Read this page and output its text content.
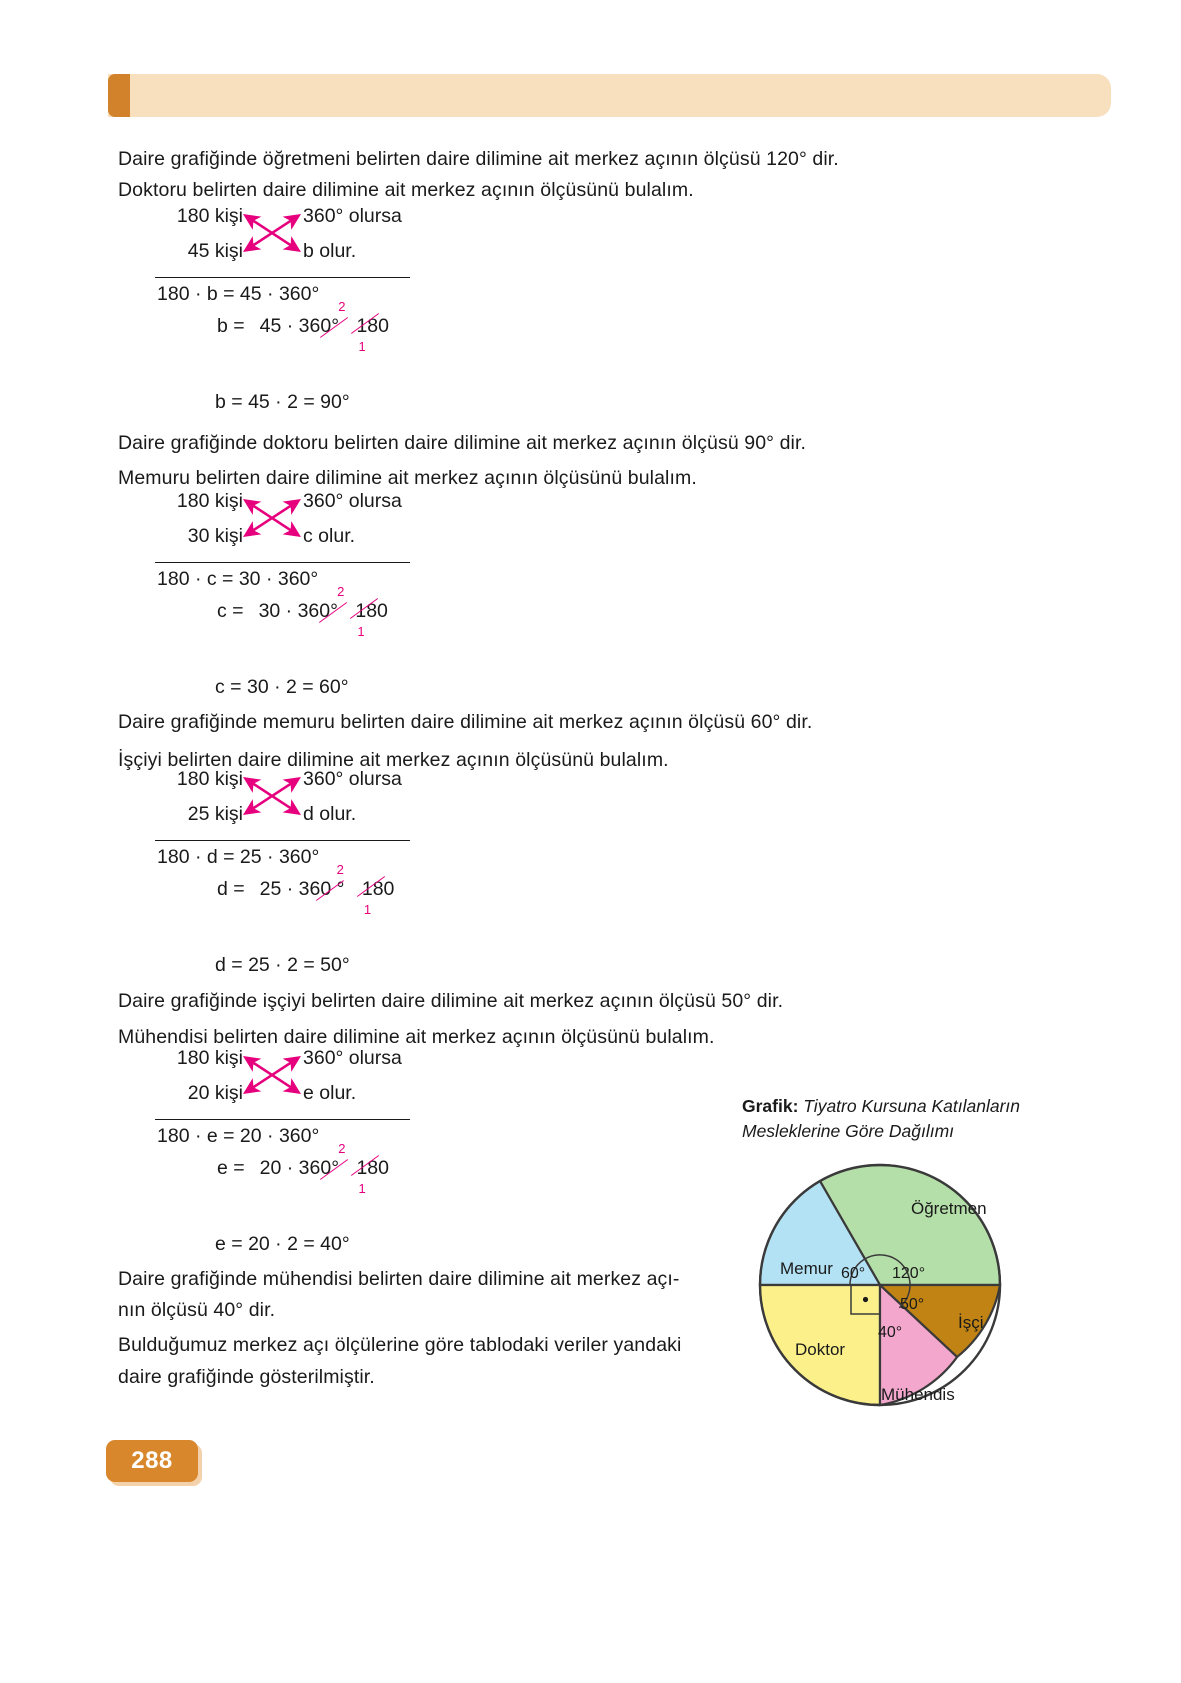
Daire grafiğinde öğretmeni belirten daire dilimine ait merkez açının ölçüsü 120° dir.
Doktoru belirten daire dilimine ait merkez açının ölçüsünü bulalım.
Daire grafiğinde doktoru belirten daire dilimine ait merkez açının ölçüsü 90° dir.
Memuru belirten daire dilimine ait merkez açının ölçüsünü bulalım.
Daire grafiğinde memuru belirten daire dilimine ait merkez açının ölçüsü 60° dir.
İşçiyi belirten daire dilimine ait merkez açının ölçüsünü bulalım.
Daire grafiğinde işçiyi belirten daire dilimine ait merkez açının ölçüsü 50° dir.
Mühendisi belirten daire dilimine ait merkez açının ölçüsünü bulalım.
Daire grafiğinde mühendisi belirten daire dilimine ait merkez açı-
nın ölçüsü 40° dir.
Bulduğumuz merkez açı ölçülerine göre tablodaki veriler yandaki
daire grafiğinde gösterilmiştir.
180 kişi
45 kişi
360° olursa
b olur.
180 · b = 45 · 360°
b = 45 · 360°
2
180
1
b = 45 · 2 = 90°
180 kişi
30 kişi
360° olursa
c olur.
180 · c = 30 · 360°
c = 30 · 360°
2
180
1
c = 30 · 2 = 60°
180 kişi
25 kişi
360° olursa
d olur.
180 · d = 25 · 360°
d = 25 · 360 °
2
180
1
d = 25 · 2 = 50°
180 kişi
20 kişi
360° olursa
e olur.
180 · e = 20 · 360°
e = 20 · 360°
2
180
1
e = 20 · 2 = 40°
Grafik: Tiyatro Kursuna Katılanların Mesleklerine Göre Dağılımı
Öğretmen
Memur
Doktor
Mühendis
İşçi
120°
60°
50°
40°
288
